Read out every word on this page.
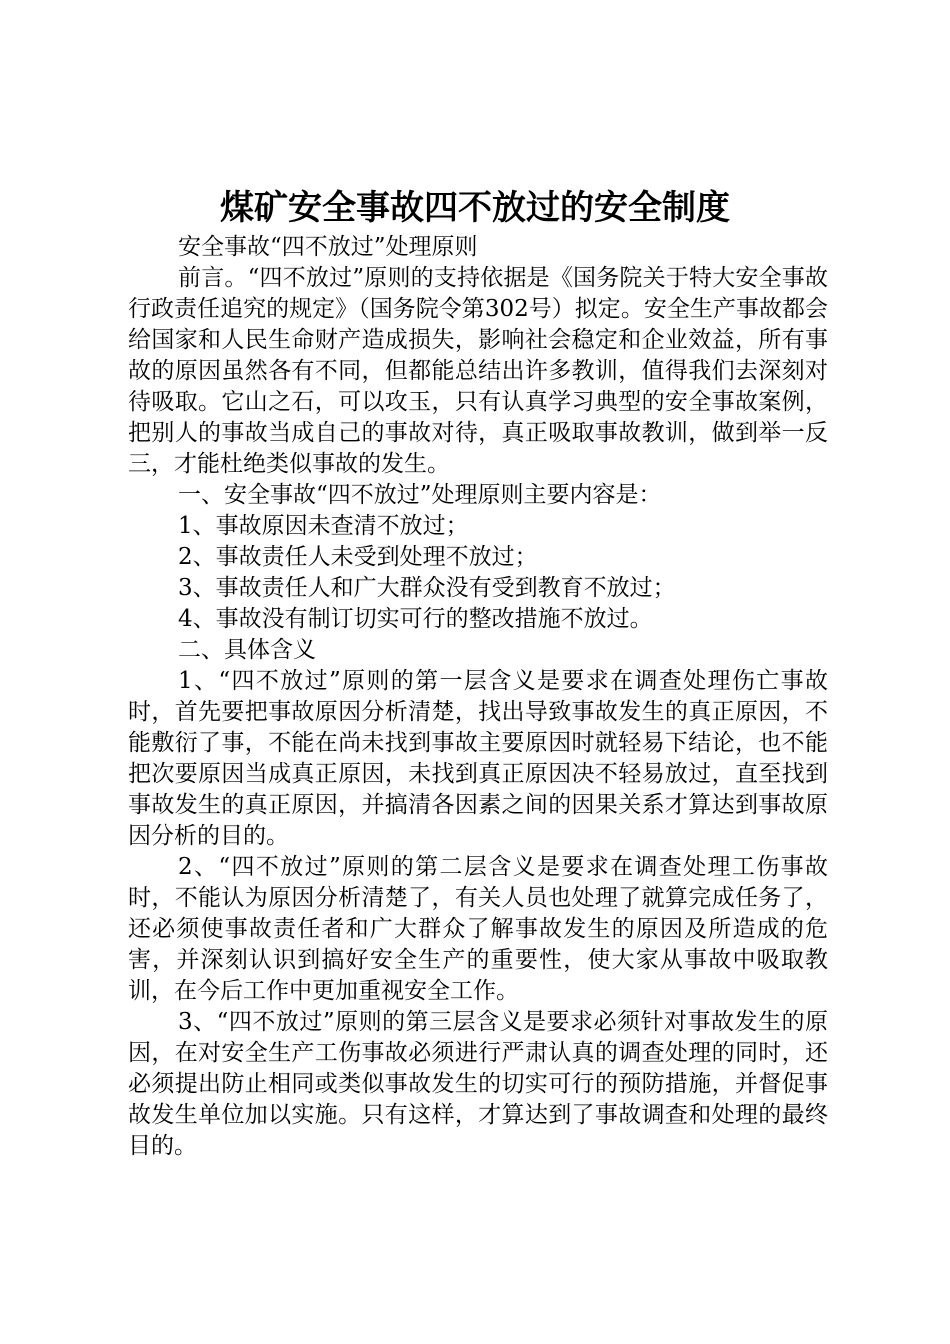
煤矿安全事故四不放过的安全制度

安全事故“四不放过”处理原则

前言。“四不放过”原则的支持依据是《国务院关于特大安全事故行政责任追究的规定》（国务院令第302号）拟定。安全生产事故都会给国家和人民生命财产造成损失，影响社会稳定和企业效益，所有事故的原因虽然各有不同，但都能总结出许多教训，值得我们去深刻对待吸取。它山之石，可以攻玉，只有认真学习典型的安全事故案例，把别人的事故当成自己的事故对待，真正吸取事故教训，做到举一反三，才能杜绝类似事故的发生。

一、安全事故“四不放过”处理原则主要内容是：

1、事故原因未查清不放过；

2、事故责任人未受到处理不放过；

3、事故责任人和广大群众没有受到教育不放过；

4、事故没有制订切实可行的整改措施不放过。

二、具体含义

1、“四不放过”原则的第一层含义是要求在调查处理伤亡事故时，首先要把事故原因分析清楚，找出导致事故发生的真正原因，不能敷衍了事，不能在尚未找到事故主要原因时就轻易下结论，也不能把次要原因当成真正原因，未找到真正原因决不轻易放过，直至找到事故发生的真正原因，并搞清各因素之间的因果关系才算达到事故原因分析的目的。

2、“四不放过”原则的第二层含义是要求在调查处理工伤事故时，不能认为原因分析清楚了，有关人员也处理了就算完成任务了，还必须使事故责任者和广大群众了解事故发生的原因及所造成的危害，并深刻认识到搞好安全生产的重要性，使大家从事故中吸取教训，在今后工作中更加重视安全工作。

3、“四不放过”原则的第三层含义是要求必须针对事故发生的原因，在对安全生产工伤事故必须进行严肃认真的调查处理的同时，还必须提出防止相同或类似事故发生的切实可行的预防措施，并督促事故发生单位加以实施。只有这样，才算达到了事故调查和处理的最终目的。
